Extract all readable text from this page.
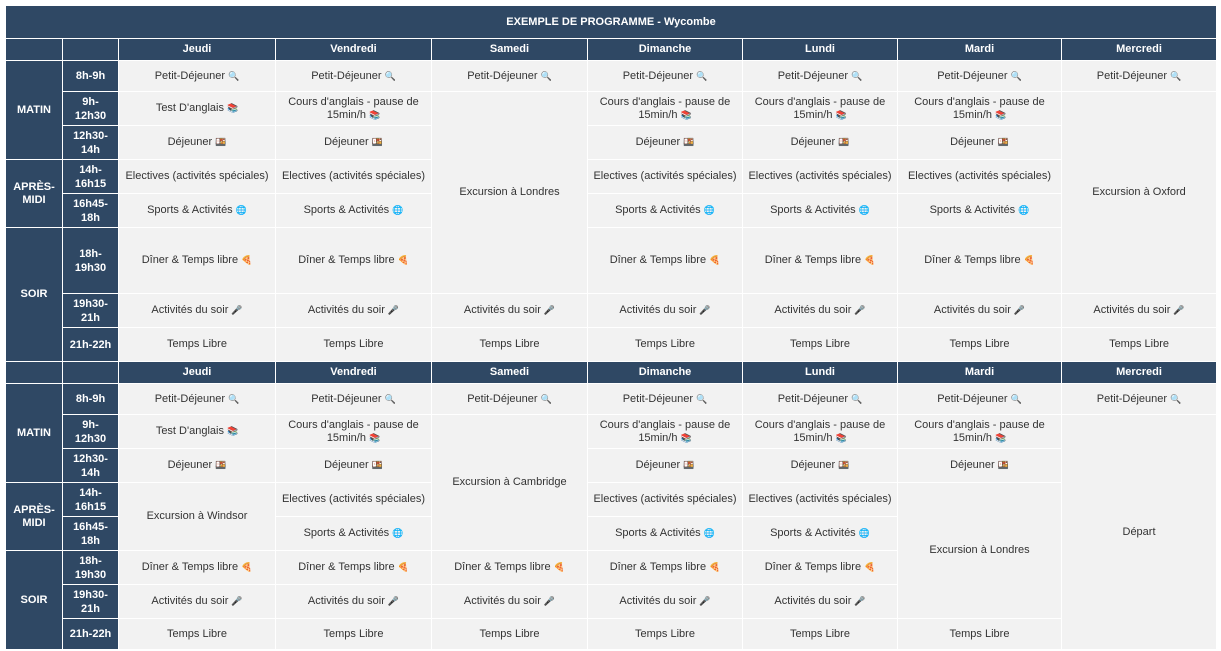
EXEMPLE DE PROGRAMME - Wycombe									
		Jeudi	Vendredi	Samedi	Dimanche	Lundi	Mardi	Mercredi	
MATIN	8h-9h	Petit-Déjeuner 🔍	Petit-Déjeuner 🔍	Petit-Déjeuner 🔍	Petit-Déjeuner 🔍	Petit-Déjeuner 🔍	Petit-Déjeuner 🔍	Petit-Déjeuner 🔍	
	9h-12h30	Test D'anglais 📚	Cours d'anglais - pause de 15min/h 📚	Excursion à Londres	Cours d'anglais - pause de 15min/h 📚	Cours d'anglais - pause de 15min/h 📚	Cours d'anglais - pause de 15min/h 📚	Excursion à Oxford	
	12h30-14h	Déjeuner 🍱	Déjeuner 🍱		Déjeuner 🍱	Déjeuner 🍱	Déjeuner 🍱		
APRÈS-MIDI	14h-16h15	Electives (activités spéciales)	Electives (activités spéciales)		Electives (activités spéciales)	Electives (activités spéciales)	Electives (activités spéciales)		
	16h45-18h	Sports & Activités 🌐	Sports & Activités 🌐		Sports & Activités 🌐	Sports & Activités 🌐	Sports & Activités 🌐		
SOIR	18h-19h30	Dîner & Temps libre 🍕	Dîner & Temps libre 🍕		Dîner & Temps libre 🍕	Dîner & Temps libre 🍕	Dîner & Temps libre 🍕		
	19h30-21h	Activités du soir 🎤	Activités du soir 🎤	Activités du soir 🎤	Activités du soir 🎤	Activités du soir 🎤	Activités du soir 🎤	Activités du soir 🎤	
	21h-22h	Temps Libre	Temps Libre	Temps Libre	Temps Libre	Temps Libre	Temps Libre	Temps Libre	
		Jeudi	Vendredi	Samedi	Dimanche	Lundi	Mardi	Mercredi	
MATIN	8h-9h	Petit-Déjeuner 🔍	Petit-Déjeuner 🔍	Petit-Déjeuner 🔍	Petit-Déjeuner 🔍	Petit-Déjeuner 🔍	Petit-Déjeuner 🔍	Petit-Déjeuner 🔍	
	9h-12h30	Test D'anglais 📚	Cours d'anglais - pause de 15min/h 📚	Excursion à Cambridge	Cours d'anglais - pause de 15min/h 📚	Cours d'anglais - pause de 15min/h 📚	Cours d'anglais - pause de 15min/h 📚	Départ	
	12h30-14h	Déjeuner 🍱	Déjeuner 🍱		Déjeuner 🍱	Déjeuner 🍱	Déjeuner 🍱		
APRÈS-MIDI	14h-16h15	Excursion à Windsor	Electives (activités spéciales)		Electives (activités spéciales)	Electives (activités spéciales)	Excursion à Londres		
	16h45-18h		Sports & Activités 🌐		Sports & Activités 🌐	Sports & Activités 🌐			
SOIR	18h-19h30	Dîner & Temps libre 🍕	Dîner & Temps libre 🍕	Dîner & Temps libre 🍕	Dîner & Temps libre 🍕	Dîner & Temps libre 🍕			
	19h30-21h	Activités du soir 🎤	Activités du soir 🎤	Activités du soir 🎤	Activités du soir 🎤	Activités du soir 🎤			
	21h-22h	Temps Libre	Temps Libre	Temps Libre	Temps Libre	Temps Libre	Temps Libre		
